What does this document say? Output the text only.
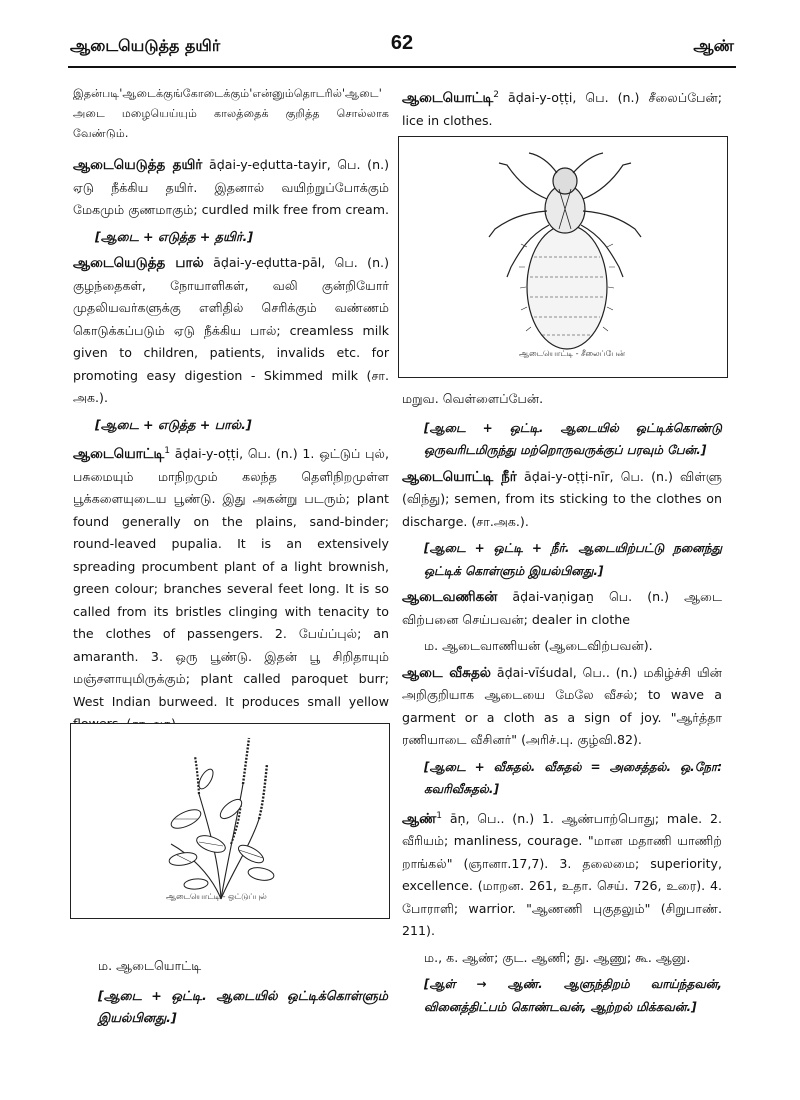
ஆடையெடுத்த தயிர்	62	ஆண்

இதன்படி'ஆடைக்குங்கோடைக்கும்'என்னும்தொடரில்'ஆடை' அடை மழையெய்யும் காலத்தைக் குறித்த சொல்லாக வேண்டும்.

ஆடையெடுத்த தயிர் āḍai-y-eḍutta-tayir, பெ. (n.) ஏடு நீக்கிய தயிர். இதனால் வயிற்றுப்போக்கும் மேகமும் குணமாகும்; curdled milk free from cream.

[ஆடை + எடுத்த + தயிர்.]

ஆடையெடுத்த பால் āḍai-y-eḍutta-pāl, பெ. (n.) குழந்தைகள், நோயாளிகள், வலி குன்றியோர் முதலியவர்களுக்கு எளிதில் செரிக்கும் வண்ணம் கொடுக்கப்படும் ஏடு நீக்கிய பால்; creamless milk given to children, patients, invalids etc. for promoting easy digestion - Skimmed milk (சா. அக.).

[ஆடை + எடுத்த + பால்.]

ஆடையொட்டி$^1$ āḍai-y-oṭṭi, பெ. (n.) 1. ஒட்டுப் புல், பசுமையும் மாநிறமும் கலந்த தெளிநிறமுள்ள பூக்களையுடைய பூண்டு. இது அகன்று படரும்; plant found generally on the plains, sand-binder; round-leaved pupalia. It is an extensively spreading procumbent plant of a light brownish, green colour; branches several feet long. It is so called from its bristles clinging with tenacity to the clothes of passengers. 2. பேய்ப்புல்; an amaranth. 3. ஒரு பூண்டு. இதன் பூ சிறிதாயும் மஞ்சளாயுமிருக்கும்; plant called paroquet burr; West Indian burweed. It produces small yellow

ஆடையொட்டி - ஒட்டுப்புல்

ம. ஆடையொட்டி

[ஆடை + ஒட்டி. ஆடையில் ஒட்டிக்கொள்ளும் இயல்பினது.]

ஆடையொட்டி$^2$ āḍai-y-oṭṭi, பெ. (n.) சீலைப்பேன்; lice in clothes.

ஆடையொட்டி - சீலைப்பேன்

மறுவ. வெள்ளைப்பேன்.

[ஆடை + ஒட்டி. ஆடையில் ஒட்டிக்கொண்டு ஒருவரிடமிருந்து மற்றொருவருக்குப் பரவும் பேன்.]

ஆடையொட்டி நீர் āḍai-y-oṭṭi-nīr, பெ. (n.) விள்ளு (விந்து); semen, from its sticking to the clothes on discharge. (சா.அக.).

[ஆடை + ஒட்டி + நீர். ஆடையிற்பட்டு நனைந்து ஒட்டிக் கொள்ளும் இயல்பினது.]

ஆடைவணிகன் āḍai-vaṇigaṉ பெ. (n.) ஆடை விற்பனை செய்பவன்; dealer in clothe

ம. ஆடைவாணியன் (ஆடைவிற்பவன்).

ஆடை வீசுதல் āḍai-vīśudal, பெ.. (n.) மகிழ்ச்சி யின் அறிகுறியாக ஆடையை மேலே வீசல்; to wave a garment or a cloth as a sign of joy. "ஆர்த்தா ரணியாடை வீசினர்" (அரிச்.பு. குழ்வி.82).

[ஆடை + வீசுதல். வீசுதல் = அசைத்தல். ஒ.நோ: கவரிவீசுதல்.]

ஆண்$^1$ āṇ, பெ.. (n.) 1. ஆண்பாற்பொது; male. 2. வீரியம்; manliness, courage. "மான மதாணி யாணிற் றாங்கல்" (ஞானா.17,7). 3. தலைமை; superiority, excellence. (மாறன. 261, உதா. செய். 726, உரை). 4. போராளி; warrior. "ஆணணி புகுதலும்" (சிறுபாண். 211).

ம., க. ஆண்; குட. ஆணி; து. ஆணு; கூ. ஆனு.

[ஆள் → ஆண். ஆளுந்திறம் வாய்ந்தவன், வினைத்திட்பம் கொண்டவன், ஆற்றல் மிக்கவன்.]
